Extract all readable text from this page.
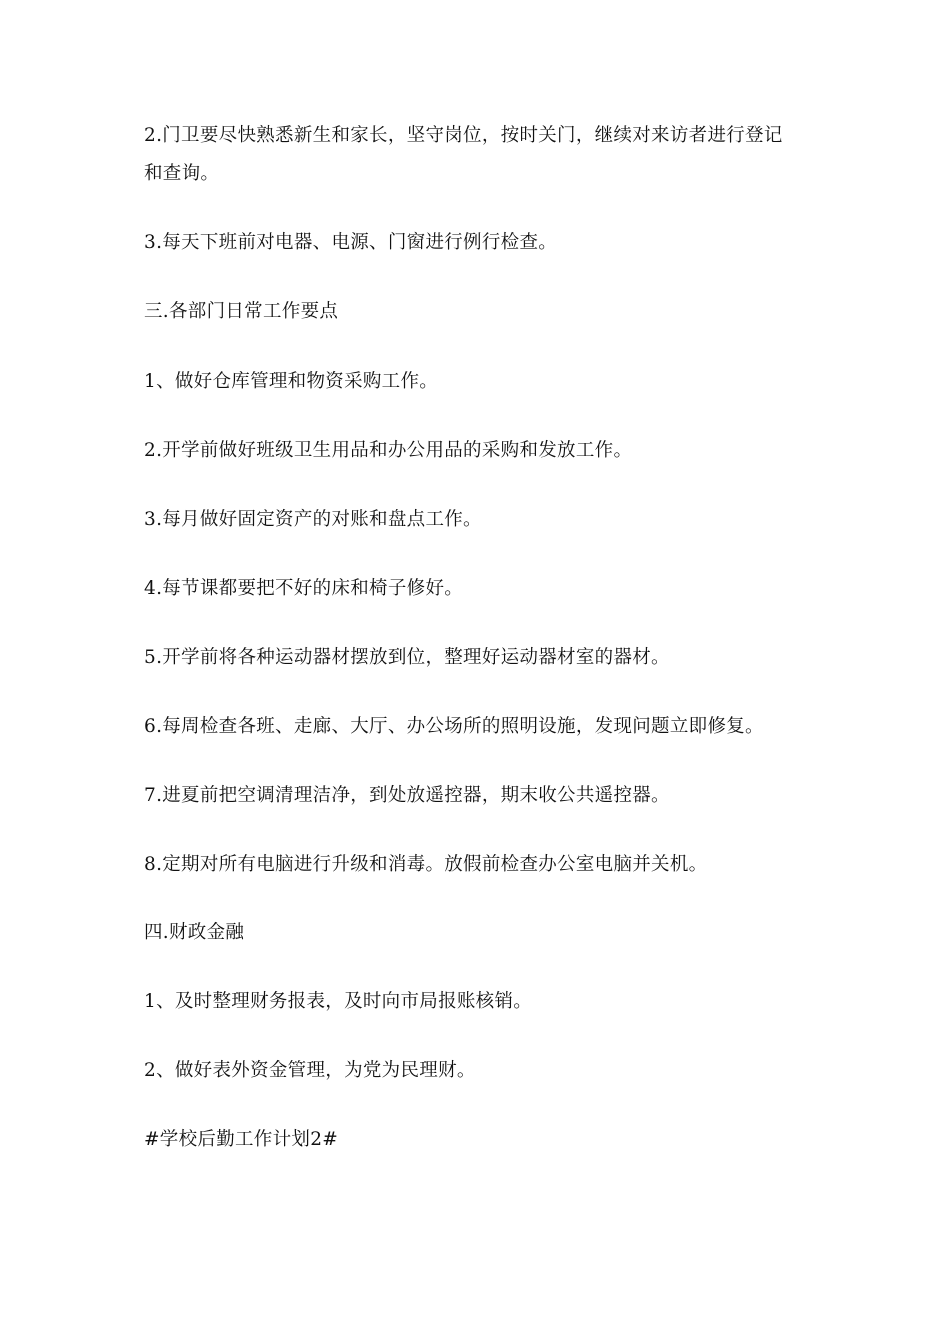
2.门卫要尽快熟悉新生和家长，坚守岗位，按时关门，继续对来访者进行登记

和查询。

3.每天下班前对电器、电源、门窗进行例行检查。

三.各部门日常工作要点

1、做好仓库管理和物资采购工作。

2.开学前做好班级卫生用品和办公用品的采购和发放工作。

3.每月做好固定资产的对账和盘点工作。

4.每节课都要把不好的床和椅子修好。

5.开学前将各种运动器材摆放到位，整理好运动器材室的器材。

6.每周检查各班、走廊、大厅、办公场所的照明设施，发现问题立即修复。

7.进夏前把空调清理洁净，到处放遥控器，期末收公共遥控器。

8.定期对所有电脑进行升级和消毒。放假前检查办公室电脑并关机。

四.财政金融

1、及时整理财务报表，及时向市局报账核销。

2、做好表外资金管理，为党为民理财。

#学校后勤工作计划2#
